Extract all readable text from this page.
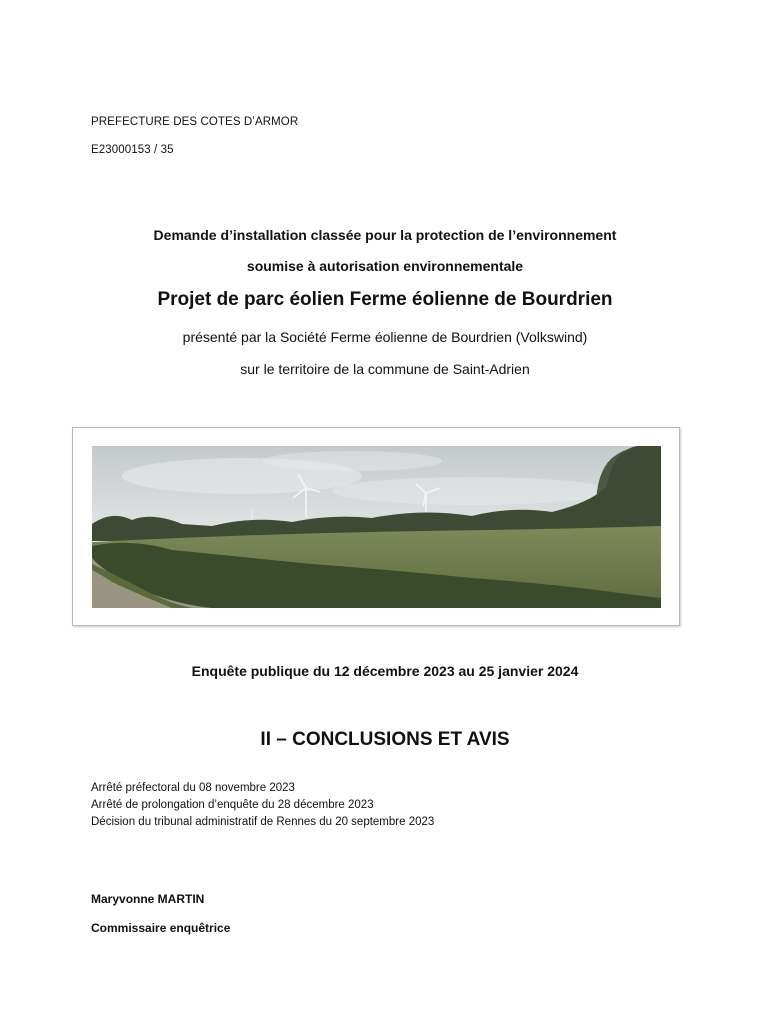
PREFECTURE DES COTES D’ARMOR
E23000153 / 35
Demande d’installation classée pour la protection de l’environnement
soumise à autorisation environnementale
Projet de parc éolien Ferme éolienne de Bourdrien
présenté par la Société Ferme éolienne de Bourdrien (Volkswind)
sur le territoire de la commune de Saint-Adrien
Enquête publique du 12 décembre 2023 au 25 janvier 2024
II – CONCLUSIONS ET AVIS
Arrêté préfectoral du 08 novembre 2023
Arrêté de prolongation d’enquête du 28 décembre 2023
Décision du tribunal administratif de Rennes du 20 septembre 2023
Maryvonne MARTIN
Commissaire enquêtrice
